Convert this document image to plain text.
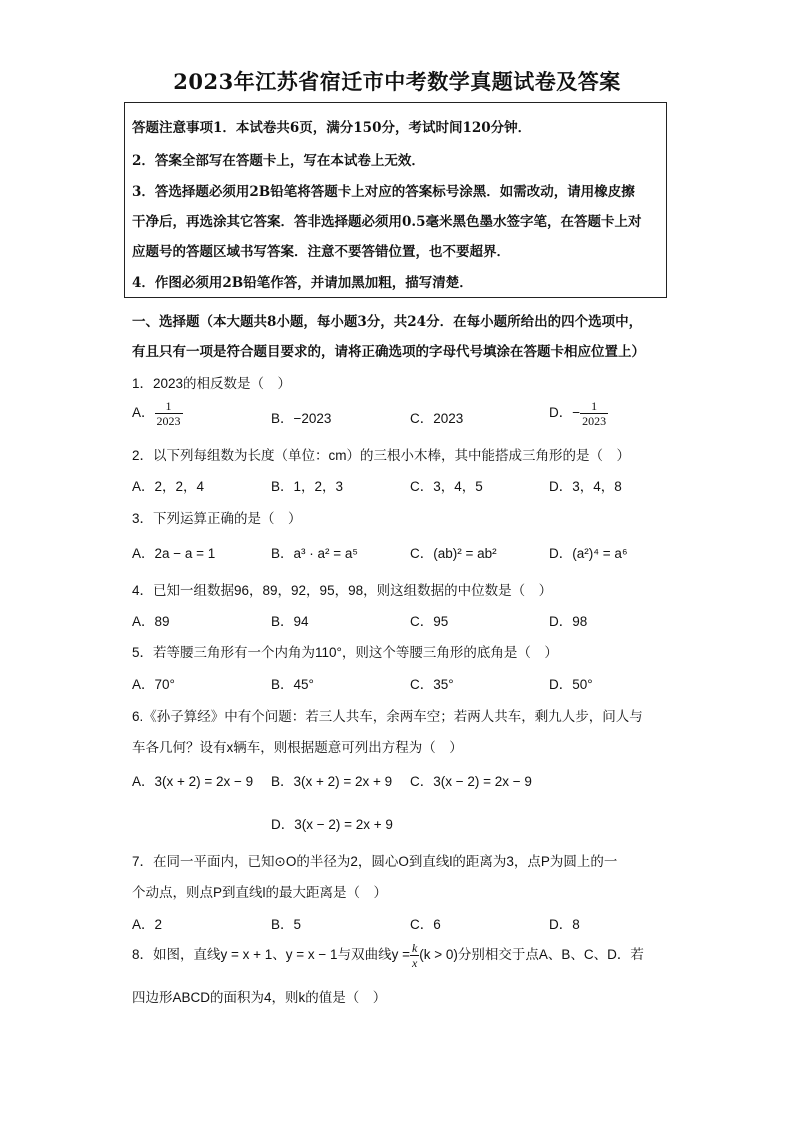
2023年江苏省宿迁市中考数学真题试卷及答案
答题注意事项1．本试卷共6页，满分150分，考试时间120分钟．
2．答案全部写在答题卡上，写在本试卷上无效．
3．答选择题必须用2B铅笔将答题卡上对应的答案标号涂黑．如需改动，请用橡皮擦
干净后，再选涂其它答案．答非选择题必须用0.5毫米黑色墨水签字笔，在答题卡上对
应题号的答题区域书写答案．注意不要答错位置，也不要超界．
4．作图必须用2B铅笔作答，并请加黑加粗，描写清楚．
一、选择题（本大题共8小题，每小题3分，共24分．在每小题所给出的四个选项中，
有且只有一项是符合题目要求的，请将正确选项的字母代号填涂在答题卡相应位置上）
1．2023的相反数是（　）
A． $\frac{1}{2023}$	B．−2023	C．2023	D．− $\frac{1}{2023}$
2．以下列每组数为长度（单位：cm）的三根小木棒，其中能搭成三角形的是（　）
A．2，2，4	B．1，2，3	C．3，4，5	D．3，4，8
3．下列运算正确的是（　）
A．2a − a = 1	B．a³ · a² = a⁵	C．(ab)² = ab²	D．(a²)⁴ = a⁶
4．已知一组数据96，89，92，95，98，则这组数据的中位数是（　）
A．89	B．94	C．95	D．98
5．若等腰三角形有一个内角为110°，则这个等腰三角形的底角是（　）
A．70°	B．45°	C．35°	D．50°
6.《孙子算经》中有个问题：若三人共车，余两车空；若两人共车，剩九人步，问人与
车各几何？设有x辆车，则根据题意可列出方程为（　）
A．3(x + 2) = 2x − 9 B．3(x + 2) = 2x + 9 C．3(x − 2) = 2x − 9
D．3(x − 2) = 2x + 9
7．在同一平面内，已知⊙O的半径为2，圆心O到直线l的距离为3，点P为圆上的一
个动点，则点P到直线l的最大距离是（　）
A．2	B．5	C．6	D．8
8．如图，直线y = x + 1、y = x − 1与双曲线$y = \frac{k}{x} (k > 0)$分别相交于点A、B、C、D．若
四边形ABCD的面积为4，则k的值是（　）
